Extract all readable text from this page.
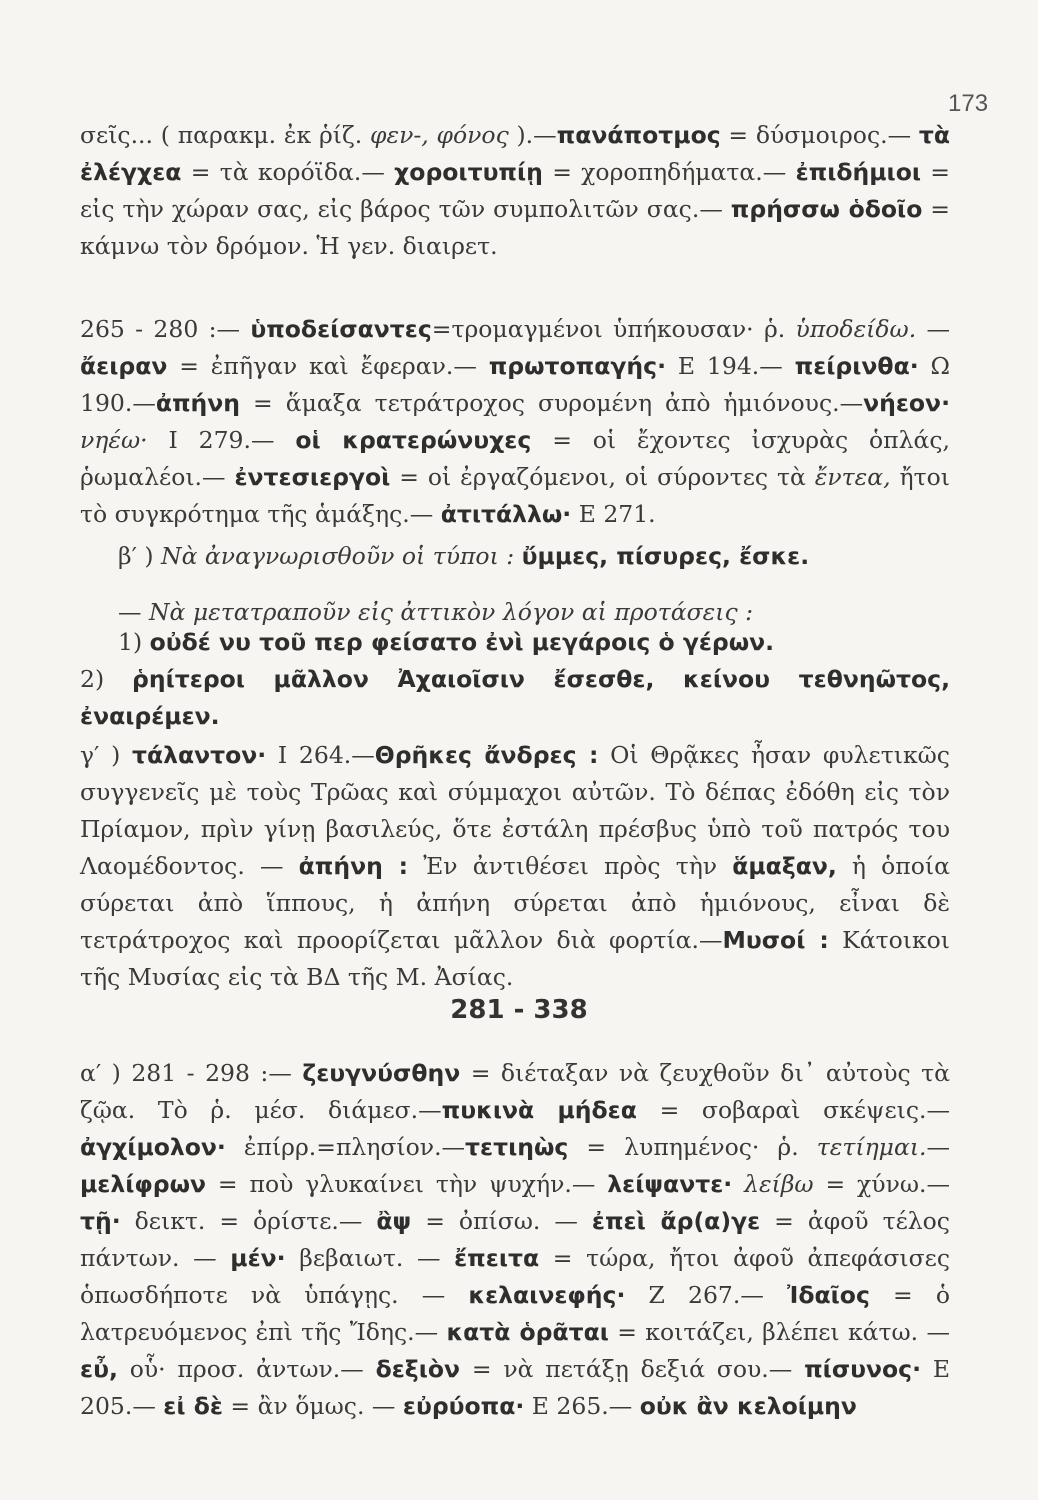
173

σεῖς... ( παρακμ. ἐκ ῥίζ. φεν-, φόνος ).—πανάποτμος = δύσμοιρος.— τὰ ἐλέγχεα = τὰ κορόϊδα.— χοροιτυπίῃ = χοροπηδήματα.— ἐπιδήμιοι = εἰς τὴν χώραν σας, εἰς βάρος τῶν συμπολιτῶν σας.— πρήσσω ὁδοῖο = κάμνω τὸν δρόμον. Ἡ γεν. διαιρετ.

265 - 280 :— ὑποδείσαντες=τρομαγμένοι ὑπήκουσαν· ῥ. ὑποδείδω. —ἄειραν = ἐπῆγαν καὶ ἔφεραν.— πρωτοπαγής· Ε 194.— πείρινθα· Ω 190.—ἀπήνη = ἅμαξα τετράτροχος συρομένη ἀπὸ ἡμιόνους.—νήεον· νηέω· Ι 279.— οἱ κρατερώνυχες = οἱ ἔχοντες ἰσχυρὰς ὁπλάς, ῥωμαλέοι.— ἐντεσιεργοὶ = οἱ ἐργαζόμενοι, οἱ σύροντες τὰ ἔντεα, ἤτοι τὸ συγκρότημα τῆς ἁμάξης.— ἀτιτάλλω· Ε 271.

β′ ) Νὰ ἀναγνωρισθοῦν οἱ τύποι : ὔμμες, πίσυρες, ἔσκε.

— Νὰ μετατραποῦν εἰς ἀττικὸν λόγον αἱ προτάσεις :

1) οὐδέ νυ τοῦ περ φείσατο ἐνὶ μεγάροις ὁ γέρων.

2) ῥηίτεροι μᾶλλον Ἀχαιοῖσιν ἔσεσθε, κείνου τεθνηῶτος, ἐναιρέμεν.

γ′ ) τάλαντον· Ι 264.—Θρῆκες ἄνδρες : Οἱ Θρᾷκες ἦσαν φυλετικῶς συγγενεῖς μὲ τοὺς Τρῶας καὶ σύμμαχοι αὐτῶν. Τὸ δέπας ἐδόθη εἰς τὸν Πρίαμον, πρὶν γίνῃ βασιλεύς, ὅτε ἐστάλη πρέσβυς ὑπὸ τοῦ πατρός του Λαομέδοντος. — ἀπήνη : Ἐν ἀντιθέσει πρὸς τὴν ἅμαξαν, ἡ ὁποία σύρεται ἀπὸ ἵππους, ἡ ἀπήνη σύρεται ἀπὸ ἡμιόνους, εἶναι δὲ τετράτροχος καὶ προορίζεται μᾶλλον διὰ φορτία.—Μυσοί : Κάτοικοι τῆς Μυσίας εἰς τὰ ΒΔ τῆς Μ. Ἀσίας.

281 - 338

α′ ) 281 - 298 :— ζευγνύσθην = διέταξαν νὰ ζευχθοῦν δι᾽ αὐτοὺς τὰ ζῷα. Τὸ ῥ. μέσ. διάμεσ.—πυκινὰ μήδεα = σοβαραὶ σκέψεις.— ἀγχίμολον· ἐπίρρ.=πλησίον.—τετιηὼς = λυπημένος· ῥ. τετίημαι.— μελίφρων = ποὺ γλυκαίνει τὴν ψυχήν.— λείψαντε· λείβω = χύνω.— τῇ· δεικτ. = ὁρίστε.— ἂψ = ὀπίσω. — ἐπεὶ ἄρ(α)γε = ἀφοῦ τέλος πάντων. — μέν· βεβαιωτ. — ἔπειτα = τώρα, ἤτοι ἀφοῦ ἀπεφάσισες ὁπωσδήποτε νὰ ὑπάγῃς. — κελαινεφής· Ζ 267.— Ἰδαῖος = ὁ λατρευόμενος ἐπὶ τῆς Ἴδης.— κατὰ ὁρᾶται = κοιτάζει, βλέπει κάτω. — εὖ, οὗ· προσ. ἀντων.— δεξιὸν = νὰ πετάξῃ δεξιά σου.— πίσυνος· Ε 205.— εἰ δὲ = ἂν ὅμως. — εὐρύοπα· Ε 265.— οὐκ ἂν κελοίμην
